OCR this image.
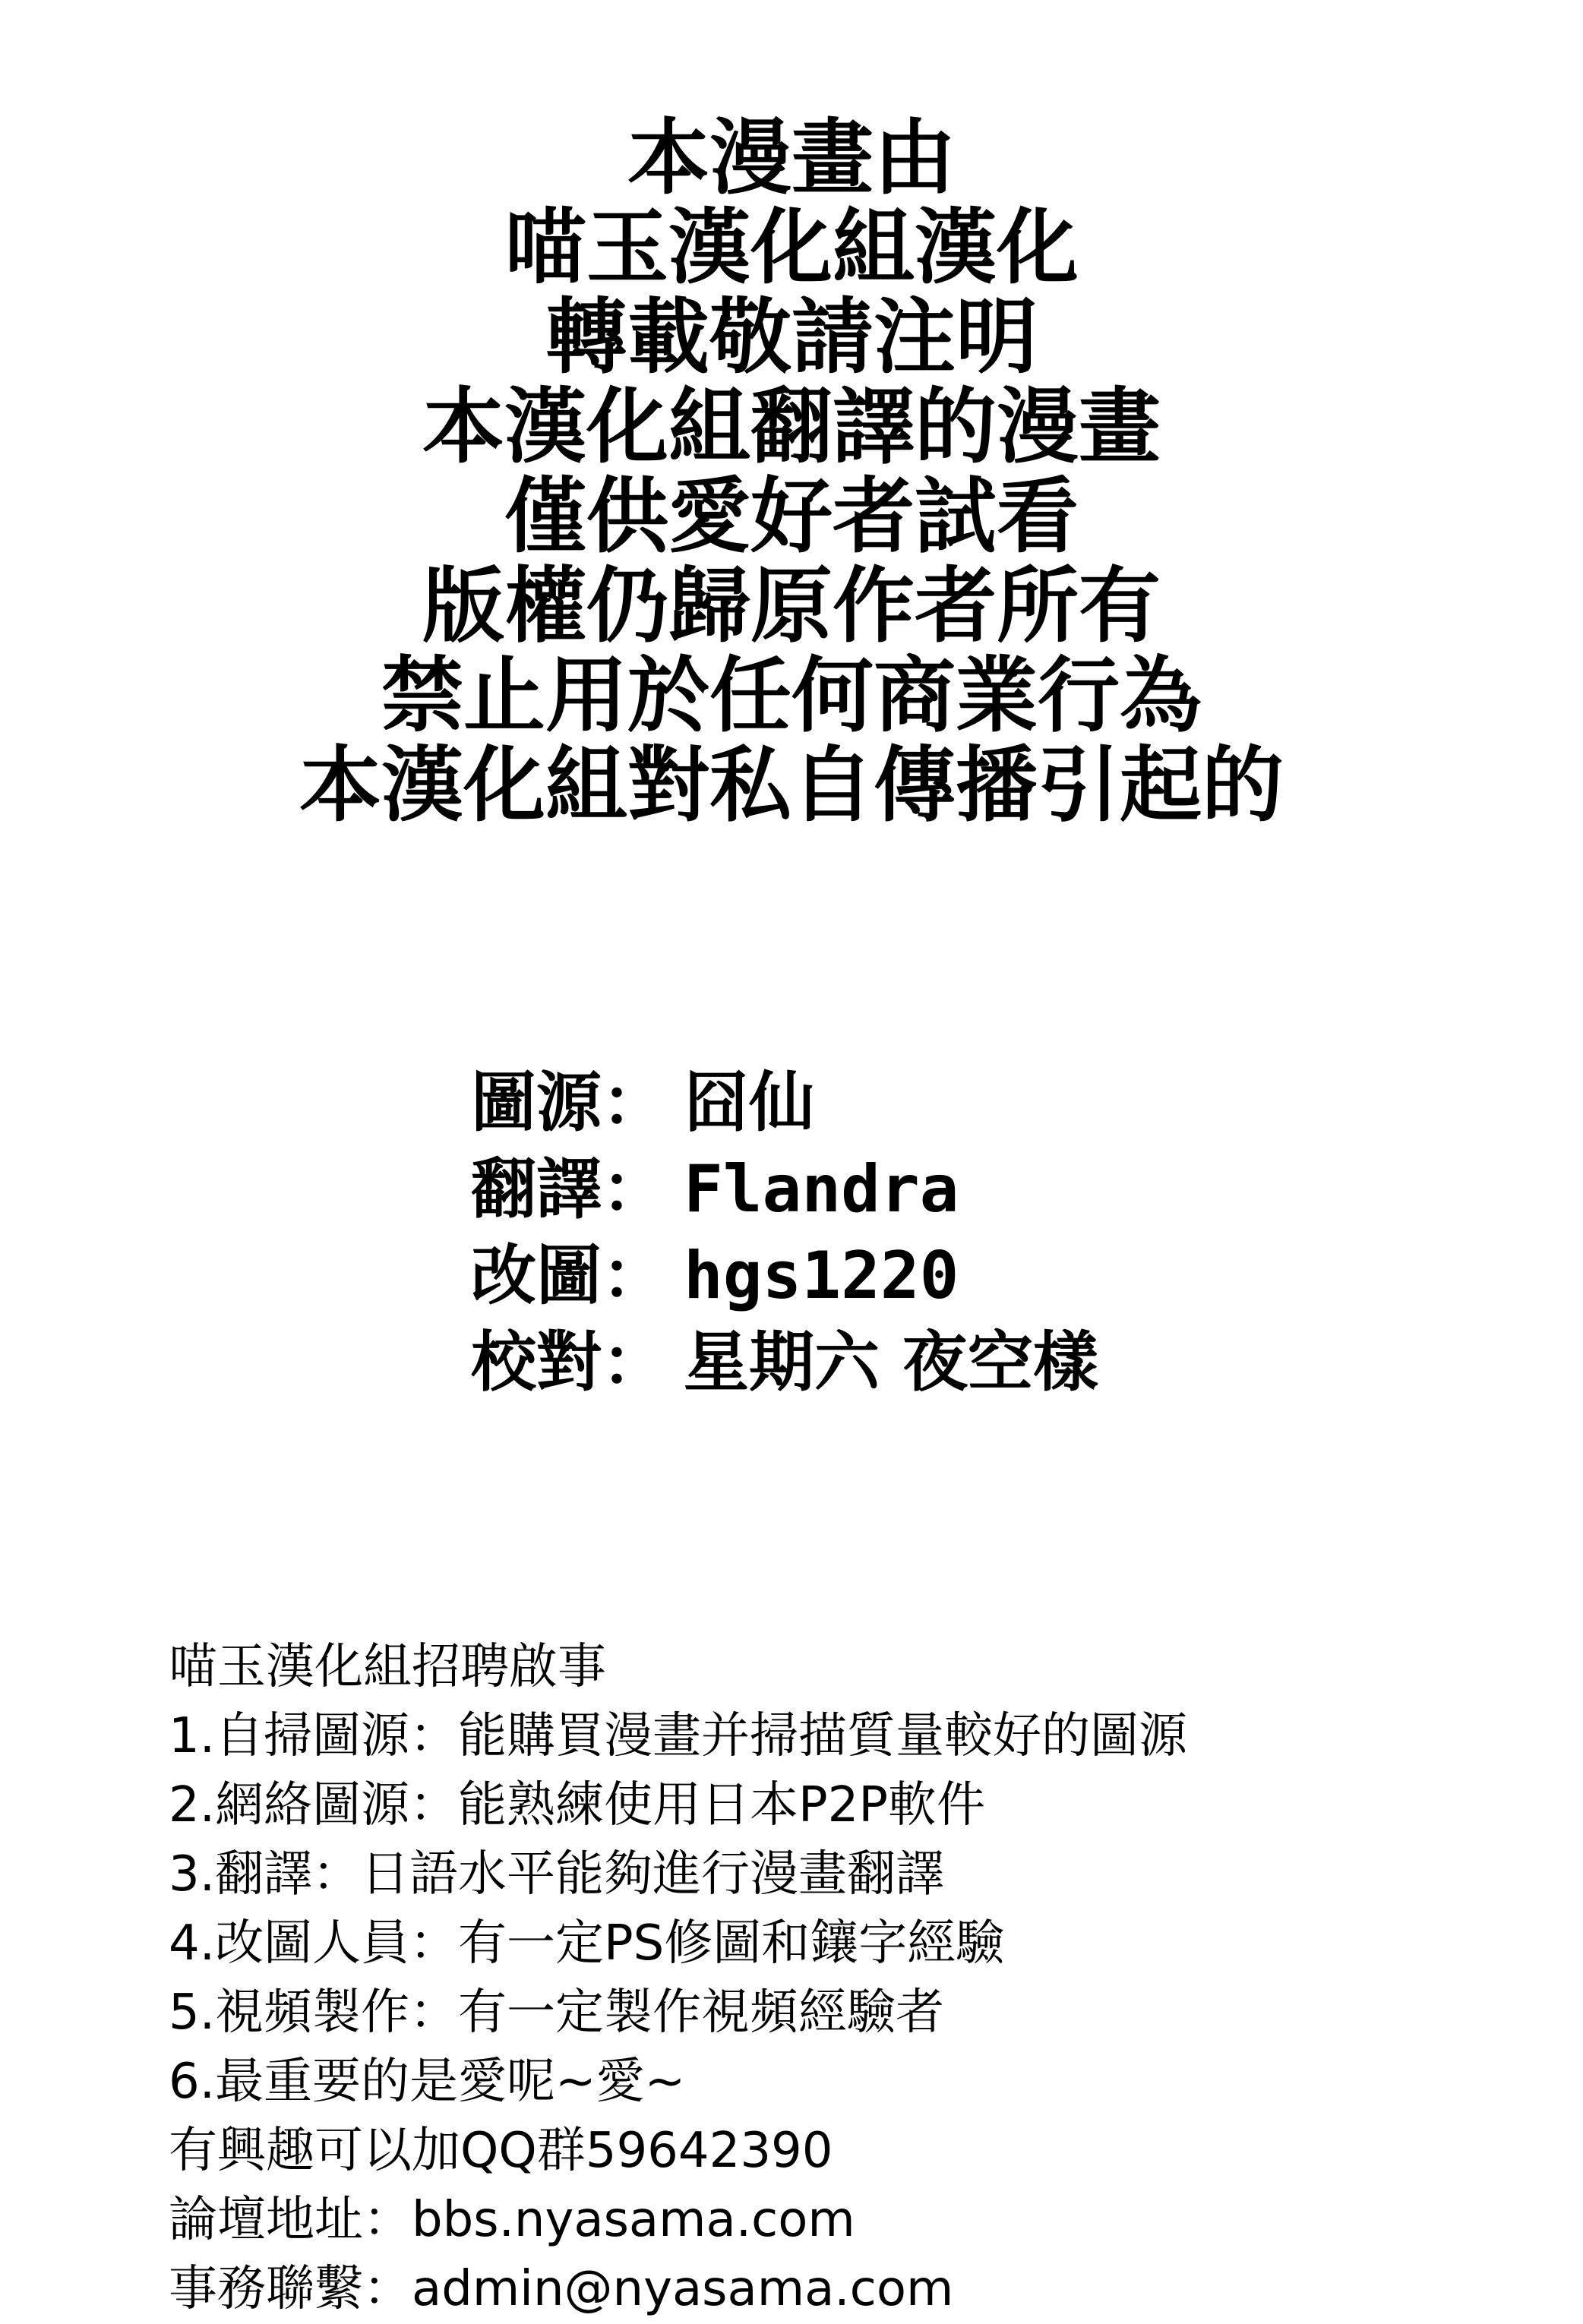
本漫畫由
喵玉漢化組漢化
轉載敬請注明
本漢化組翻譯的漫畫
僅供愛好者試看
版權仍歸原作者所有
禁止用於任何商業行為
本漢化組對私自傳播引起的
圖源： 囧仙
翻譯： Flandra
改圖： hgs1220
校對： 星期六 夜空樣
喵玉漢化組招聘啟事
1.自掃圖源：能購買漫畫并掃描質量較好的圖源
2.網絡圖源：能熟練使用日本P2P軟件
3.翻譯：日語水平能夠進行漫畫翻譯
4.改圖人員：有一定PS修圖和鑲字經驗
5.視頻製作：有一定製作視頻經驗者
6.最重要的是愛呢~愛~
有興趣可以加QQ群59642390
論壇地址：bbs.nyasama.com
事務聯繫：admin@nyasama.com
